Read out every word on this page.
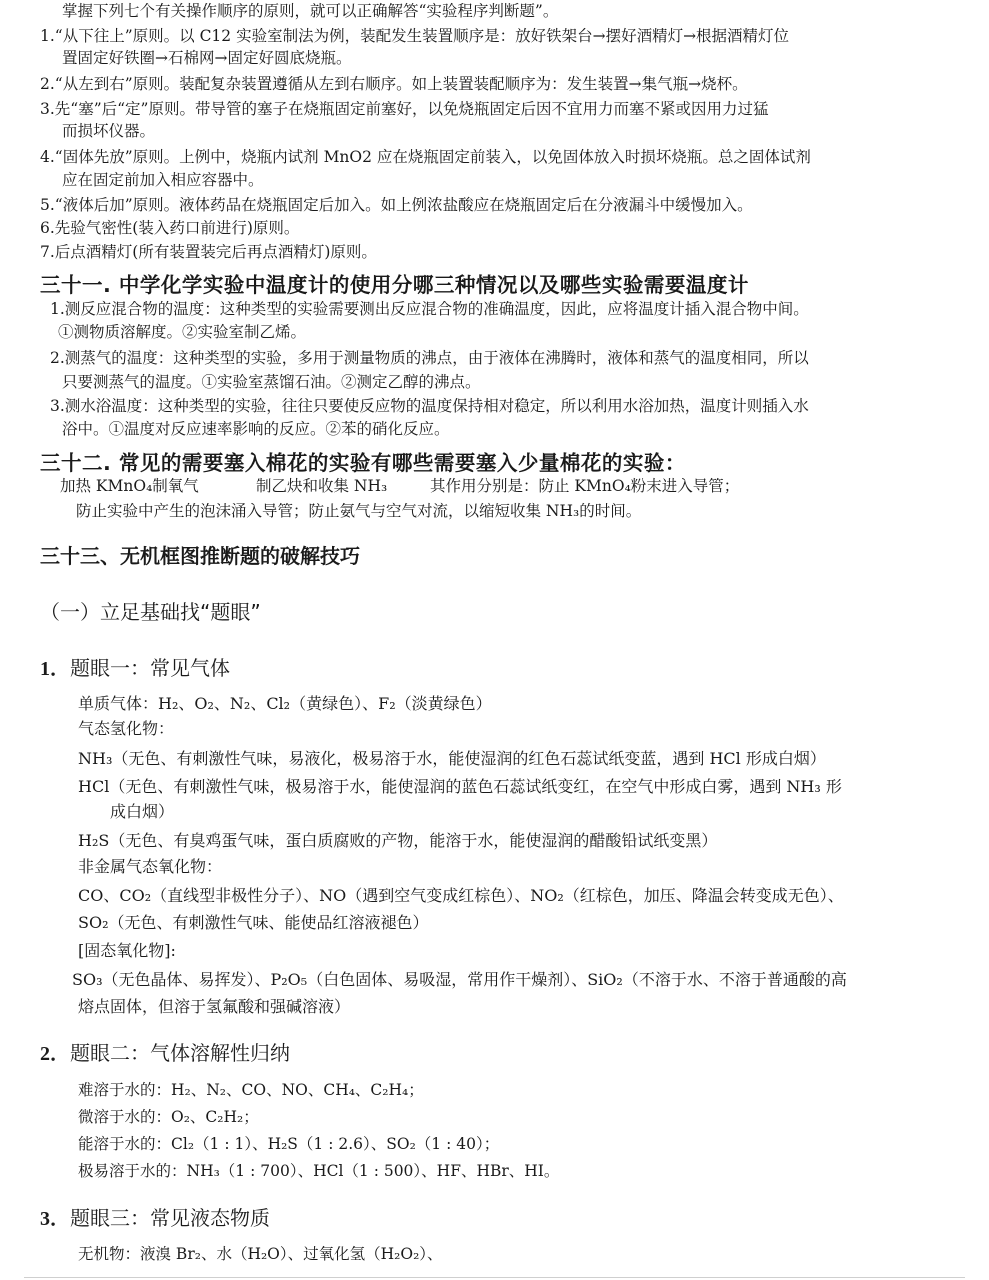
掌握下列七个有关操作顺序的原则，就可以正确解答“实验程序判断题”。
1.“从下往上”原则。以 C12 实验室制法为例，装配发生装置顺序是：放好铁架台→摆好酒精灯→根据酒精灯位
置固定好铁圈→石棉网→固定好圆底烧瓶。
2.“从左到右”原则。装配复杂装置遵循从左到右顺序。如上装置装配顺序为：发生装置→集气瓶→烧杯。
3.先“塞”后“定”原则。带导管的塞子在烧瓶固定前塞好，以免烧瓶固定后因不宜用力而塞不紧或因用力过猛
而损坏仪器。
4.“固体先放”原则。上例中，烧瓶内试剂 MnO2 应在烧瓶固定前装入，以免固体放入时损坏烧瓶。总之固体试剂
应在固定前加入相应容器中。
5.“液体后加”原则。液体药品在烧瓶固定后加入。如上例浓盐酸应在烧瓶固定后在分液漏斗中缓慢加入。
6.先验气密性(装入药口前进行)原则。
7.后点酒精灯(所有装置装完后再点酒精灯)原则。
三十一. 中学化学实验中温度计的使用分哪三种情况以及哪些实验需要温度计
1.测反应混合物的温度：这种类型的实验需要测出反应混合物的准确温度，因此，应将温度计插入混合物中间。
①测物质溶解度。②实验室制乙烯。
2.测蒸气的温度：这种类型的实验，多用于测量物质的沸点，由于液体在沸腾时，液体和蒸气的温度相同，所以
只要测蒸气的温度。①实验室蒸馏石油。②测定乙醇的沸点。
3.测水浴温度：这种类型的实验，往往只要使反应物的温度保持相对稳定，所以利用水浴加热，温度计则插入水
浴中。①温度对反应速率影响的反应。②苯的硝化反应。
三十二. 常见的需要塞入棉花的实验有哪些需要塞入少量棉花的实验：
加热 KMnO₄制氧气	制乙炔和收集 NH₃	其作用分别是：防止 KMnO₄粉末进入导管；
防止实验中产生的泡沫涌入导管；防止氨气与空气对流，以缩短收集 NH₃的时间。
三十三、无机框图推断题的破解技巧
（一）立足基础找“题眼”
1．题眼一：常见气体
单质气体：H₂、O₂、N₂、Cl₂（黄绿色）、F₂（淡黄绿色）
气态氢化物：
NH₃（无色、有刺激性气味，易液化，极易溶于水，能使湿润的红色石蕊试纸变蓝，遇到 HCl 形成白烟）
HCl（无色、有刺激性气味，极易溶于水，能使湿润的蓝色石蕊试纸变红，在空气中形成白雾，遇到 NH₃ 形
成白烟）
H₂S（无色、有臭鸡蛋气味，蛋白质腐败的产物，能溶于水，能使湿润的醋酸铅试纸变黑）
非金属气态氧化物：
CO、CO₂（直线型非极性分子）、NO（遇到空气变成红棕色）、NO₂（红棕色，加压、降温会转变成无色）、
SO₂（无色、有刺激性气味、能使品红溶液褪色）
[固态氧化物]:
SO₃（无色晶体、易挥发）、P₂O₅（白色固体、易吸湿，常用作干燥剂）、SiO₂（不溶于水、不溶于普通酸的高
熔点固体，但溶于氢氟酸和强碱溶液）
2．题眼二：气体溶解性归纳
难溶于水的：H₂、N₂、CO、NO、CH₄、C₂H₄；
微溶于水的：O₂、C₂H₂；
能溶于水的：Cl₂（1 : 1）、H₂S（1 : 2.6）、SO₂（1 : 40）；
极易溶于水的：NH₃（1 : 700）、HCl（1 : 500）、HF、HBr、HI。
3．题眼三：常见液态物质
无机物：液溴 Br₂、水（H₂O）、过氧化氢（H₂O₂）、
